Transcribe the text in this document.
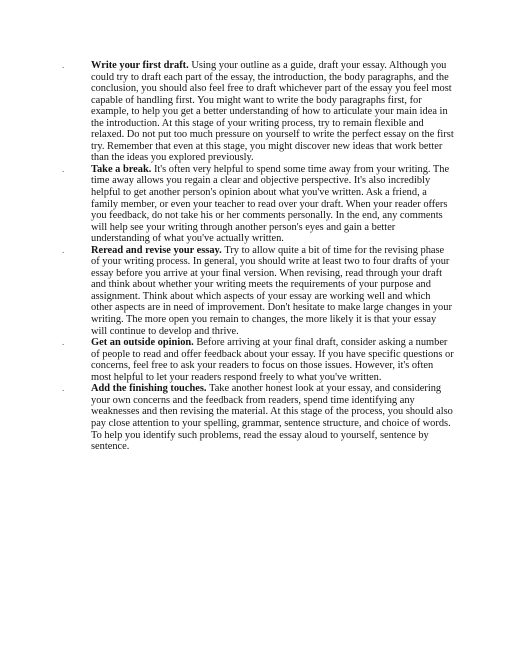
.	Write your first draft. Using your outline as a guide, draft your essay. Although you could try to draft each part of the essay, the introduction, the body paragraphs, and the conclusion, you should also feel free to draft whichever part of the essay you feel most capable of handling first. You might want to write the body paragraphs first, for example, to help you get a better understanding of how to articulate your main idea in the introduction. At this stage of your writing process, try to remain flexible and relaxed. Do not put too much pressure on yourself to write the perfect essay on the first try. Remember that even at this stage, you might discover new ideas that work better than the ideas you explored previously.
.	Take a break. It's often very helpful to spend some time away from your writing. The time away allows you regain a clear and objective perspective. It's also incredibly helpful to get another person's opinion about what you've written. Ask a friend, a family member, or even your teacher to read over your draft. When your reader offers you feedback, do not take his or her comments personally. In the end, any comments will help see your writing through another person's eyes and gain a better understanding of what you've actually written.
.	Reread and revise your essay. Try to allow quite a bit of time for the revising phase of your writing process. In general, you should write at least two to four drafts of your essay before you arrive at your final version. When revising, read through your draft and think about whether your writing meets the requirements of your purpose and assignment. Think about which aspects of your essay are working well and which other aspects are in need of improvement. Don't hesitate to make large changes in your writing. The more open you remain to changes, the more likely it is that your essay will continue to develop and thrive.
.	Get an outside opinion. Before arriving at your final draft, consider asking a number of people to read and offer feedback about your essay. If you have specific questions or concerns, feel free to ask your readers to focus on those issues. However, it's often most helpful to let your readers respond freely to what you've written.
.	Add the finishing touches. Take another honest look at your essay, and considering your own concerns and the feedback from readers, spend time identifying any weaknesses and then revising the material. At this stage of the process, you should also pay close attention to your spelling, grammar, sentence structure, and choice of words. To help you identify such problems, read the essay aloud to yourself, sentence by sentence.
